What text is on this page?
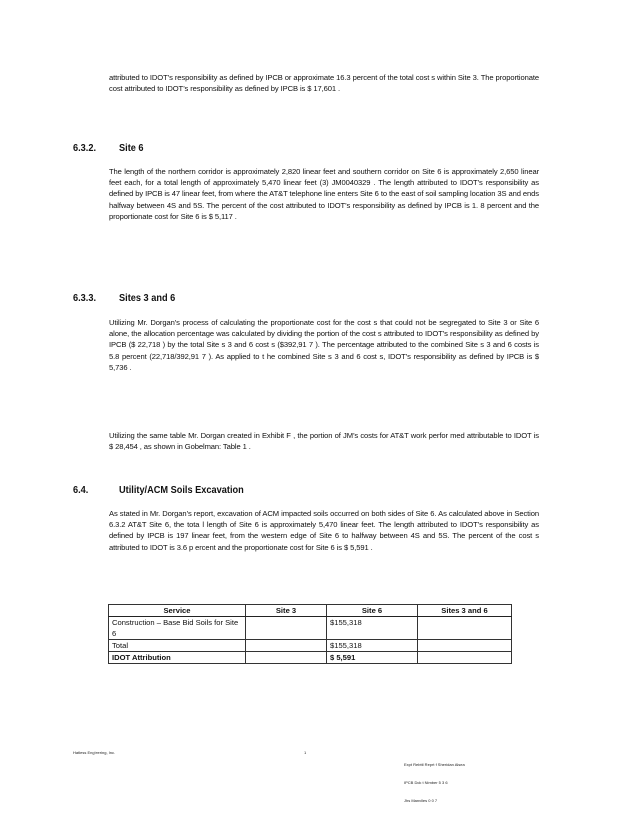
attributed to IDOT’s responsibility as defined by IPCB or approximate 16.3 percent of the total cost s within Site 3. The proportionate cost attributed to IDOT’s responsibility as defined by IPCB is $ 17,601 .

6.3.2. Site 6

The length of the northern corridor is approximately 2,820 linear feet and southern corridor on Site 6 is approximately 2,650 linear feet each, for a total length of approximately 5,470 linear feet (3) JM0040329 . The length attributed to IDOT’s responsibility as defined by IPCB is 47 linear feet, from where the AT&T telephone line enters Site 6 to the east of soil sampling location 3S and ends halfway between 4S and 5S. The percent of the cost attributed to IDOT’s responsibility as defined by IPCB is 1. 8 percent and the proportionate cost for Site 6 is $ 5,117 .

6.3.3. Sites 3 and 6

Utilizing Mr. Dorgan’s process of calculating the proportionate cost for the cost s that could not be segregated to Site 3 or Site 6 alone, the allocation percentage was calculated by dividing the portion of the cost s attributed to IDOT’s responsibility as defined by IPCB ($ 22,718 ) by the total Site s 3 and 6 cost s ($392,91 7 ). The percentage attributed to the combined Site s 3 and 6 costs is 5.8 percent (22,718/392,91 7 ). As applied to t he combined Site s 3 and 6 cost s, IDOT’s responsibility as defined by IPCB is $ 5,736 .

Utilizing the same table Mr. Dorgan created in Exhibit F , the portion of JM’s costs for AT&T work perfor med attributable to IDOT is $ 28,454 , as shown in Gobelman: Table 1 .

6.4.	Utility/ACM Soils Excavation

As stated in Mr. Dorgan’s report, excavation of ACM impacted soils occurred on both sides of Site 6. As calculated above in Section 6.3.2 AT&T Site 6, the tota l length of Site 6 is approximately 5,470 linear feet. The length attributed to IDOT’s responsibility as defined by IPCB is 197 linear feet, from the western edge of Site 6 to halfway between 4S and 5S. The percent of the cost s attributed to IDOT is 3.6 p ercent and the proportionate cost for Site 6 is $ 5,591 .

Service	Site 3	Site 6	Sites 3 and 6
Construction – Base Bid Soils for Site 6		$155,318	
Total		$155,318	
IDOT Attribution		$ 5,591	
Hatless Eng'eering, Inc.	1

Expt Rebttl Reprt f Sheridan Alsea

IPCB Dck t Nimber 5 3 6

Jhs Manvlles 0 0 7
